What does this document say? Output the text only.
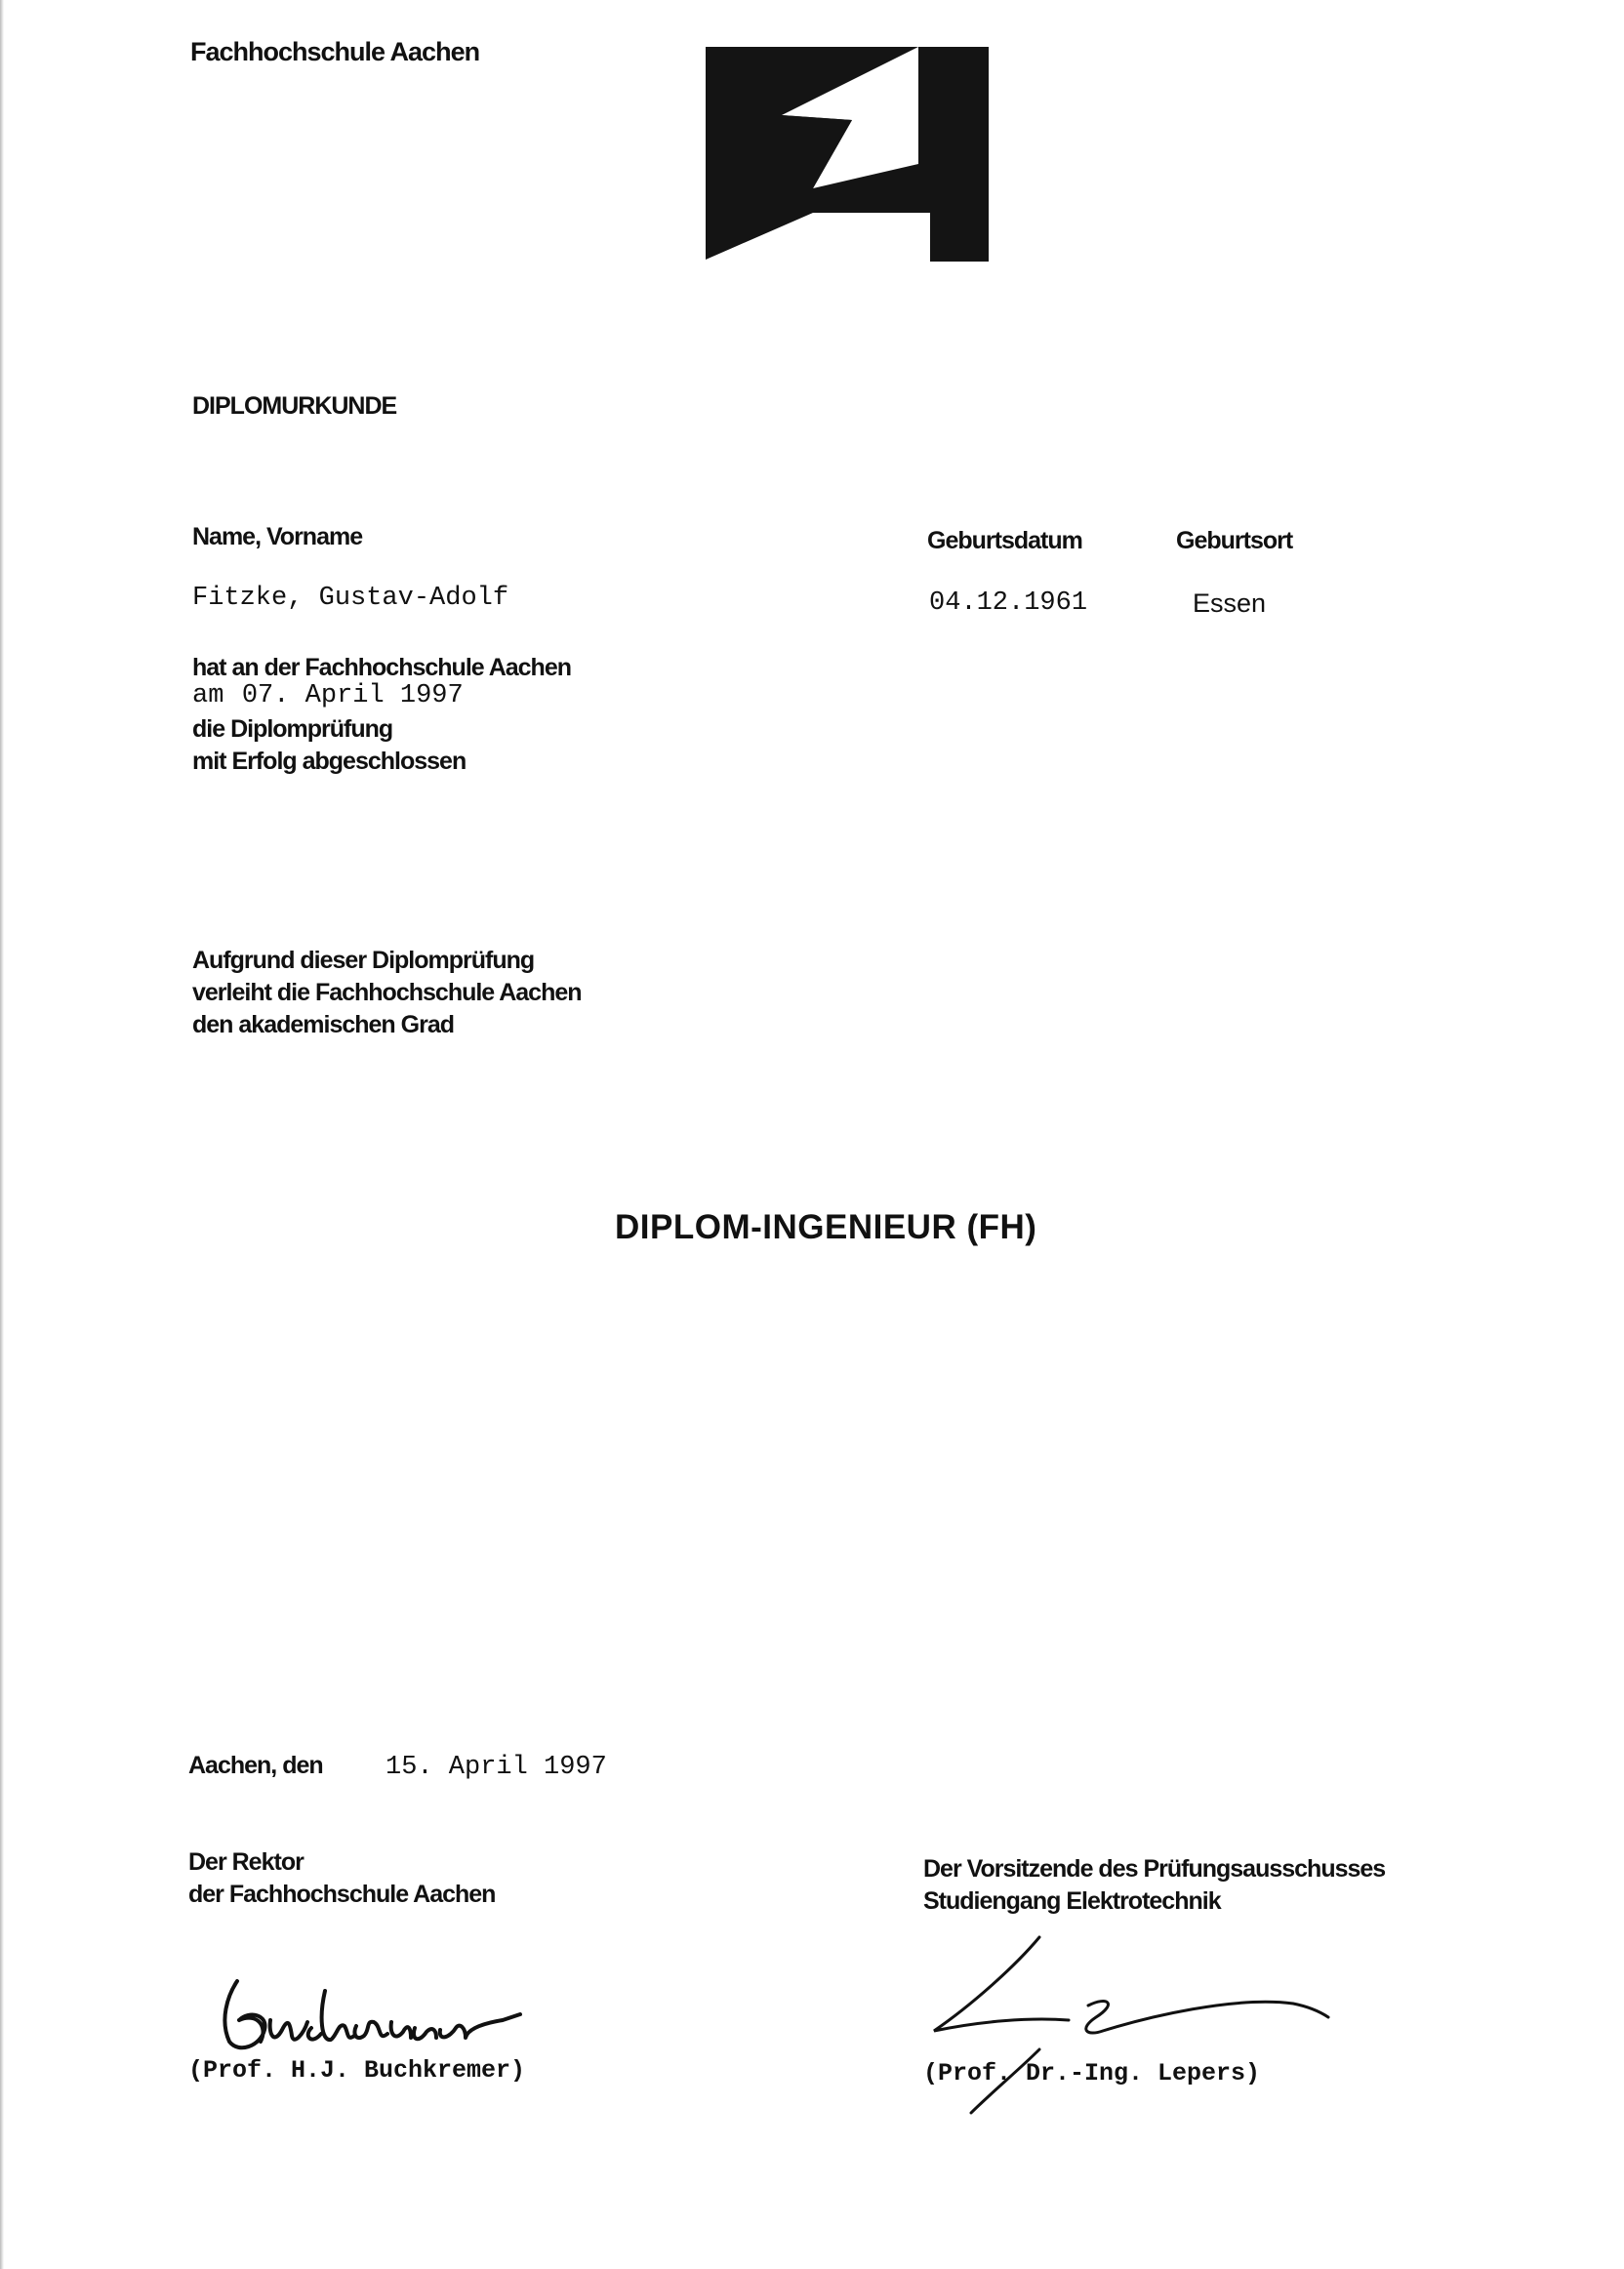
Fachhochschule Aachen
DIPLOMURKUNDE
Name, Vorname	Geburtsdatum	Geburtsort
Fitzke, Gustav-Adolf	04.12.1961	Essen
hat an der Fachhochschule Aachen
am 07. April 1997
die Diplomprüfung
mit Erfolg abgeschlossen
Aufgrund dieser Diplomprüfung
verleiht die Fachhochschule Aachen
den akademischen Grad
DIPLOM-INGENIEUR (FH)
Aachen, den 15. April 1997
Der Rektor
der Fachhochschule Aachen
Der Vorsitzende des Prüfungsausschusses
Studiengang Elektrotechnik
(Prof. H.J. Buchkremer)	(Prof. Dr.-Ing. Lepers)
